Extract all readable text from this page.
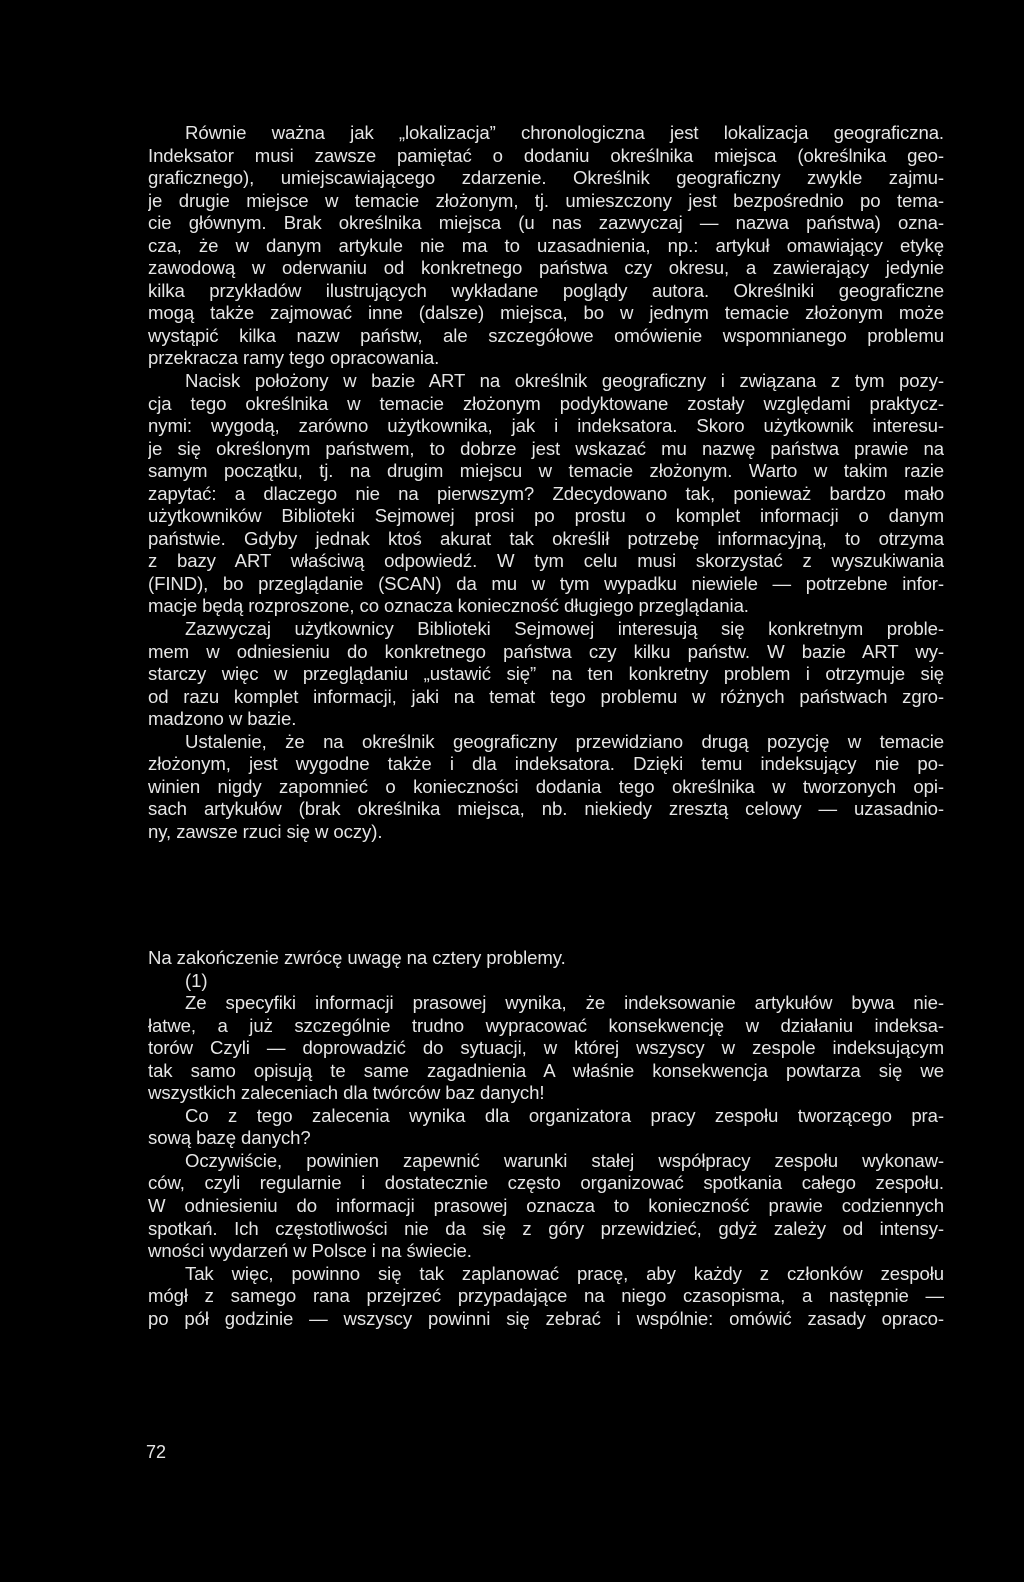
Równie ważna jak „lokalizacja” chronologiczna jest lokalizacja geograficzna.
Indeksator musi zawsze pamiętać o dodaniu określnika miejsca (określnika geo-
graficznego), umiejscawiającego zdarzenie. Określnik geograficzny zwykle zajmu-
je drugie miejsce w temacie złożonym, tj. umieszczony jest bezpośrednio po tema-
cie głównym. Brak określnika miejsca (u nas zazwyczaj — nazwa państwa) ozna-
cza, że w danym artykule nie ma to uzasadnienia, np.: artykuł omawiający etykę
zawodową w oderwaniu od konkretnego państwa czy okresu, a zawierający jedynie
kilka przykładów ilustrujących wykładane poglądy autora. Określniki geograficzne
mogą także zajmować inne (dalsze) miejsca, bo w jednym temacie złożonym może
wystąpić kilka nazw państw, ale szczegółowe omówienie wspomnianego problemu
przekracza ramy tego opracowania.
Nacisk położony w bazie ART na określnik geograficzny i związana z tym pozy-
cja tego określnika w temacie złożonym podyktowane zostały względami praktycz-
nymi: wygodą, zarówno użytkownika, jak i indeksatora. Skoro użytkownik interesu-
je się określonym państwem, to dobrze jest wskazać mu nazwę państwa prawie na
samym początku, tj. na drugim miejscu w temacie złożonym. Warto w takim razie
zapytać: a dlaczego nie na pierwszym? Zdecydowano tak, ponieważ bardzo mało
użytkowników Biblioteki Sejmowej prosi po prostu o komplet informacji o danym
państwie. Gdyby jednak ktoś akurat tak określił potrzebę informacyjną, to otrzyma
z bazy ART właściwą odpowiedź. W tym celu musi skorzystać z wyszukiwania
(FIND), bo przeglądanie (SCAN) da mu w tym wypadku niewiele — potrzebne infor-
macje będą rozproszone, co oznacza konieczność długiego przeglądania.
Zazwyczaj użytkownicy Biblioteki Sejmowej interesują się konkretnym proble-
mem w odniesieniu do konkretnego państwa czy kilku państw. W bazie ART wy-
starczy więc w przeglądaniu „ustawić się” na ten konkretny problem i otrzymuje się
od razu komplet informacji, jaki na temat tego problemu w różnych państwach zgro-
madzono w bazie.
Ustalenie, że na określnik geograficzny przewidziano drugą pozycję w temacie
złożonym, jest wygodne także i dla indeksatora. Dzięki temu indeksujący nie po-
winien nigdy zapomnieć o konieczności dodania tego określnika w tworzonych opi-
sach artykułów (brak określnika miejsca, nb. niekiedy zresztą celowy — uzasadnio-
ny, zawsze rzuci się w oczy).
Na zakończenie zwrócę uwagę na cztery problemy.
(1)
Ze specyfiki informacji prasowej wynika, że indeksowanie artykułów bywa nie-
łatwe, a już szczególnie trudno wypracować konsekwencję w działaniu indeksa-
torów Czyli — doprowadzić do sytuacji, w której wszyscy w zespole indeksującym
tak samo opisują te same zagadnienia A właśnie konsekwencja powtarza się we
wszystkich zaleceniach dla twórców baz danych!
Co z tego zalecenia wynika dla organizatora pracy zespołu tworzącego pra-
sową bazę danych?
Oczywiście, powinien zapewnić warunki stałej współpracy zespołu wykonaw-
ców, czyli regularnie i dostatecznie często organizować spotkania całego zespołu.
W odniesieniu do informacji prasowej oznacza to konieczność prawie codziennych
spotkań. Ich częstotliwości nie da się z góry przewidzieć, gdyż zależy od intensy-
wności wydarzeń w Polsce i na świecie.
Tak więc, powinno się tak zaplanować pracę, aby każdy z członków zespołu
mógł z samego rana przejrzeć przypadające na niego czasopisma, a następnie —
po pół godzinie — wszyscy powinni się zebrać i wspólnie: omówić zasady opraco-
72
